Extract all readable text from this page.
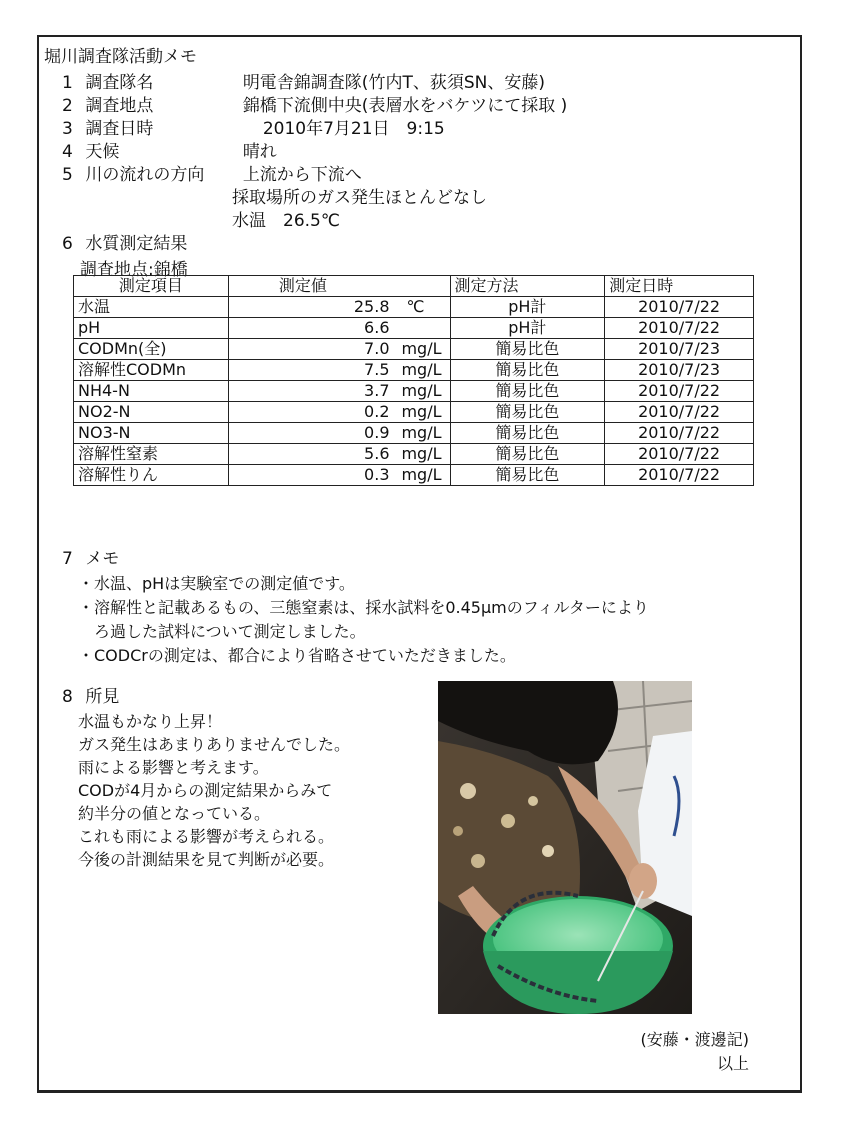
堀川調査隊活動メモ
1 調査隊名	明電舎錦調査隊(竹内T、荻須SN、安藤)
2 調査地点	錦橋下流側中央(表層水をバケツにて採取 )
3 調査日時	2010年7月21日　9:15
4 天候	晴れ
5 川の流れの方向 上流から下流へ
採取場所のガス発生ほとんどなし
水温　26.5℃
6 水質測定結果
調査地点:錦橋
測定項目	測定値	測定方法	測定日時
水温	25.8 ℃	pH計	2010/7/22
pH	6.6	pH計	2010/7/22
CODMn(全)	7.0 mg/L	簡易比色	2010/7/23
溶解性CODMn	7.5 mg/L	簡易比色	2010/7/23
NH4-N	3.7 mg/L	簡易比色	2010/7/22
NO2-N	0.2 mg/L	簡易比色	2010/7/22
NO3-N	0.9 mg/L	簡易比色	2010/7/22
溶解性窒素	5.6 mg/L	簡易比色	2010/7/22
溶解性りん	0.3 mg/L	簡易比色	2010/7/22
7 メモ
・水温、pHは実験室での測定値です。
・溶解性と記載あるもの、三態窒素は、採水試料を0.45μmのフィルターにより
　ろ過した試料について測定しました。
・CODCrの測定は、都合により省略させていただきました。
8 所見
水温もかなり上昇！
ガス発生はあまりありませんでした。
雨による影響と考えます。
CODが4月からの測定結果からみて
約半分の値となっている。
これも雨による影響が考えられる。
今後の計測結果を見て判断が必要。
(安藤・渡邊記)
以上
